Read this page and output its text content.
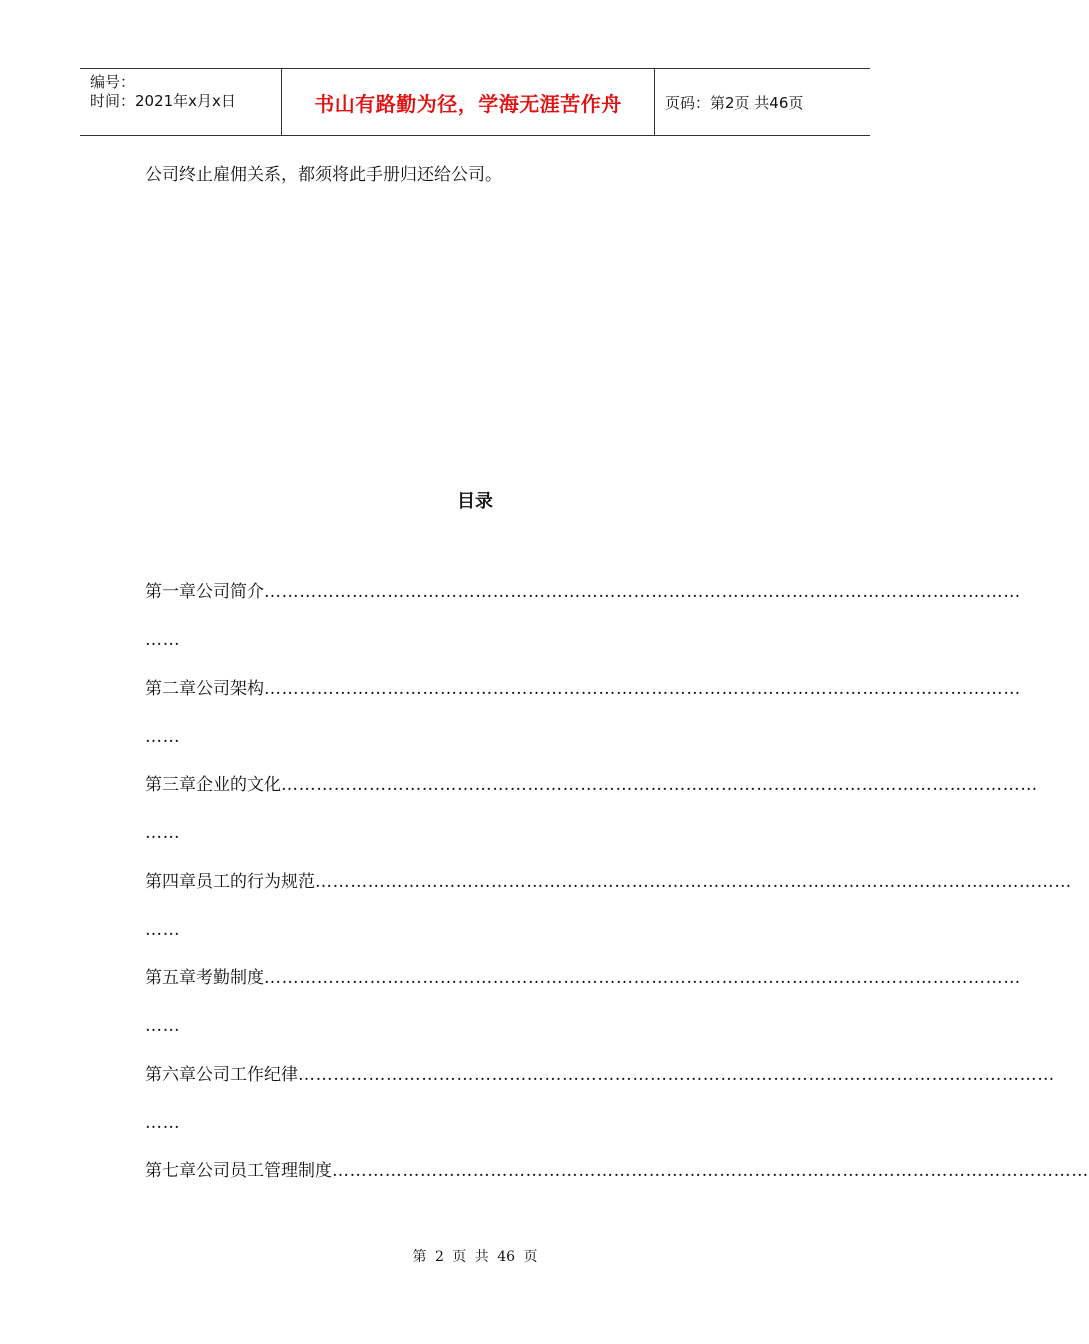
编号：
时间：2021年x月x日	书山有路勤为径，学海无涯苦作舟	页码：第2页 共46页
公司终止雇佣关系，都须将此手册归还给公司。
目录
第一章公司简介 …………………………………………………………………………………………………………………
……
第二章公司架构 …………………………………………………………………………………………………………………
……
第三章企业的文化 …………………………………………………………………………………………………………………
……
第四章员工的行为规范 …………………………………………………………………………………………………………………
……
第五章考勤制度 …………………………………………………………………………………………………………………
……
第六章公司工作纪律 …………………………………………………………………………………………………………………
……
第七章公司员工管理制度 …………………………………………………………………………………………………………………
第 2 页 共 46 页
